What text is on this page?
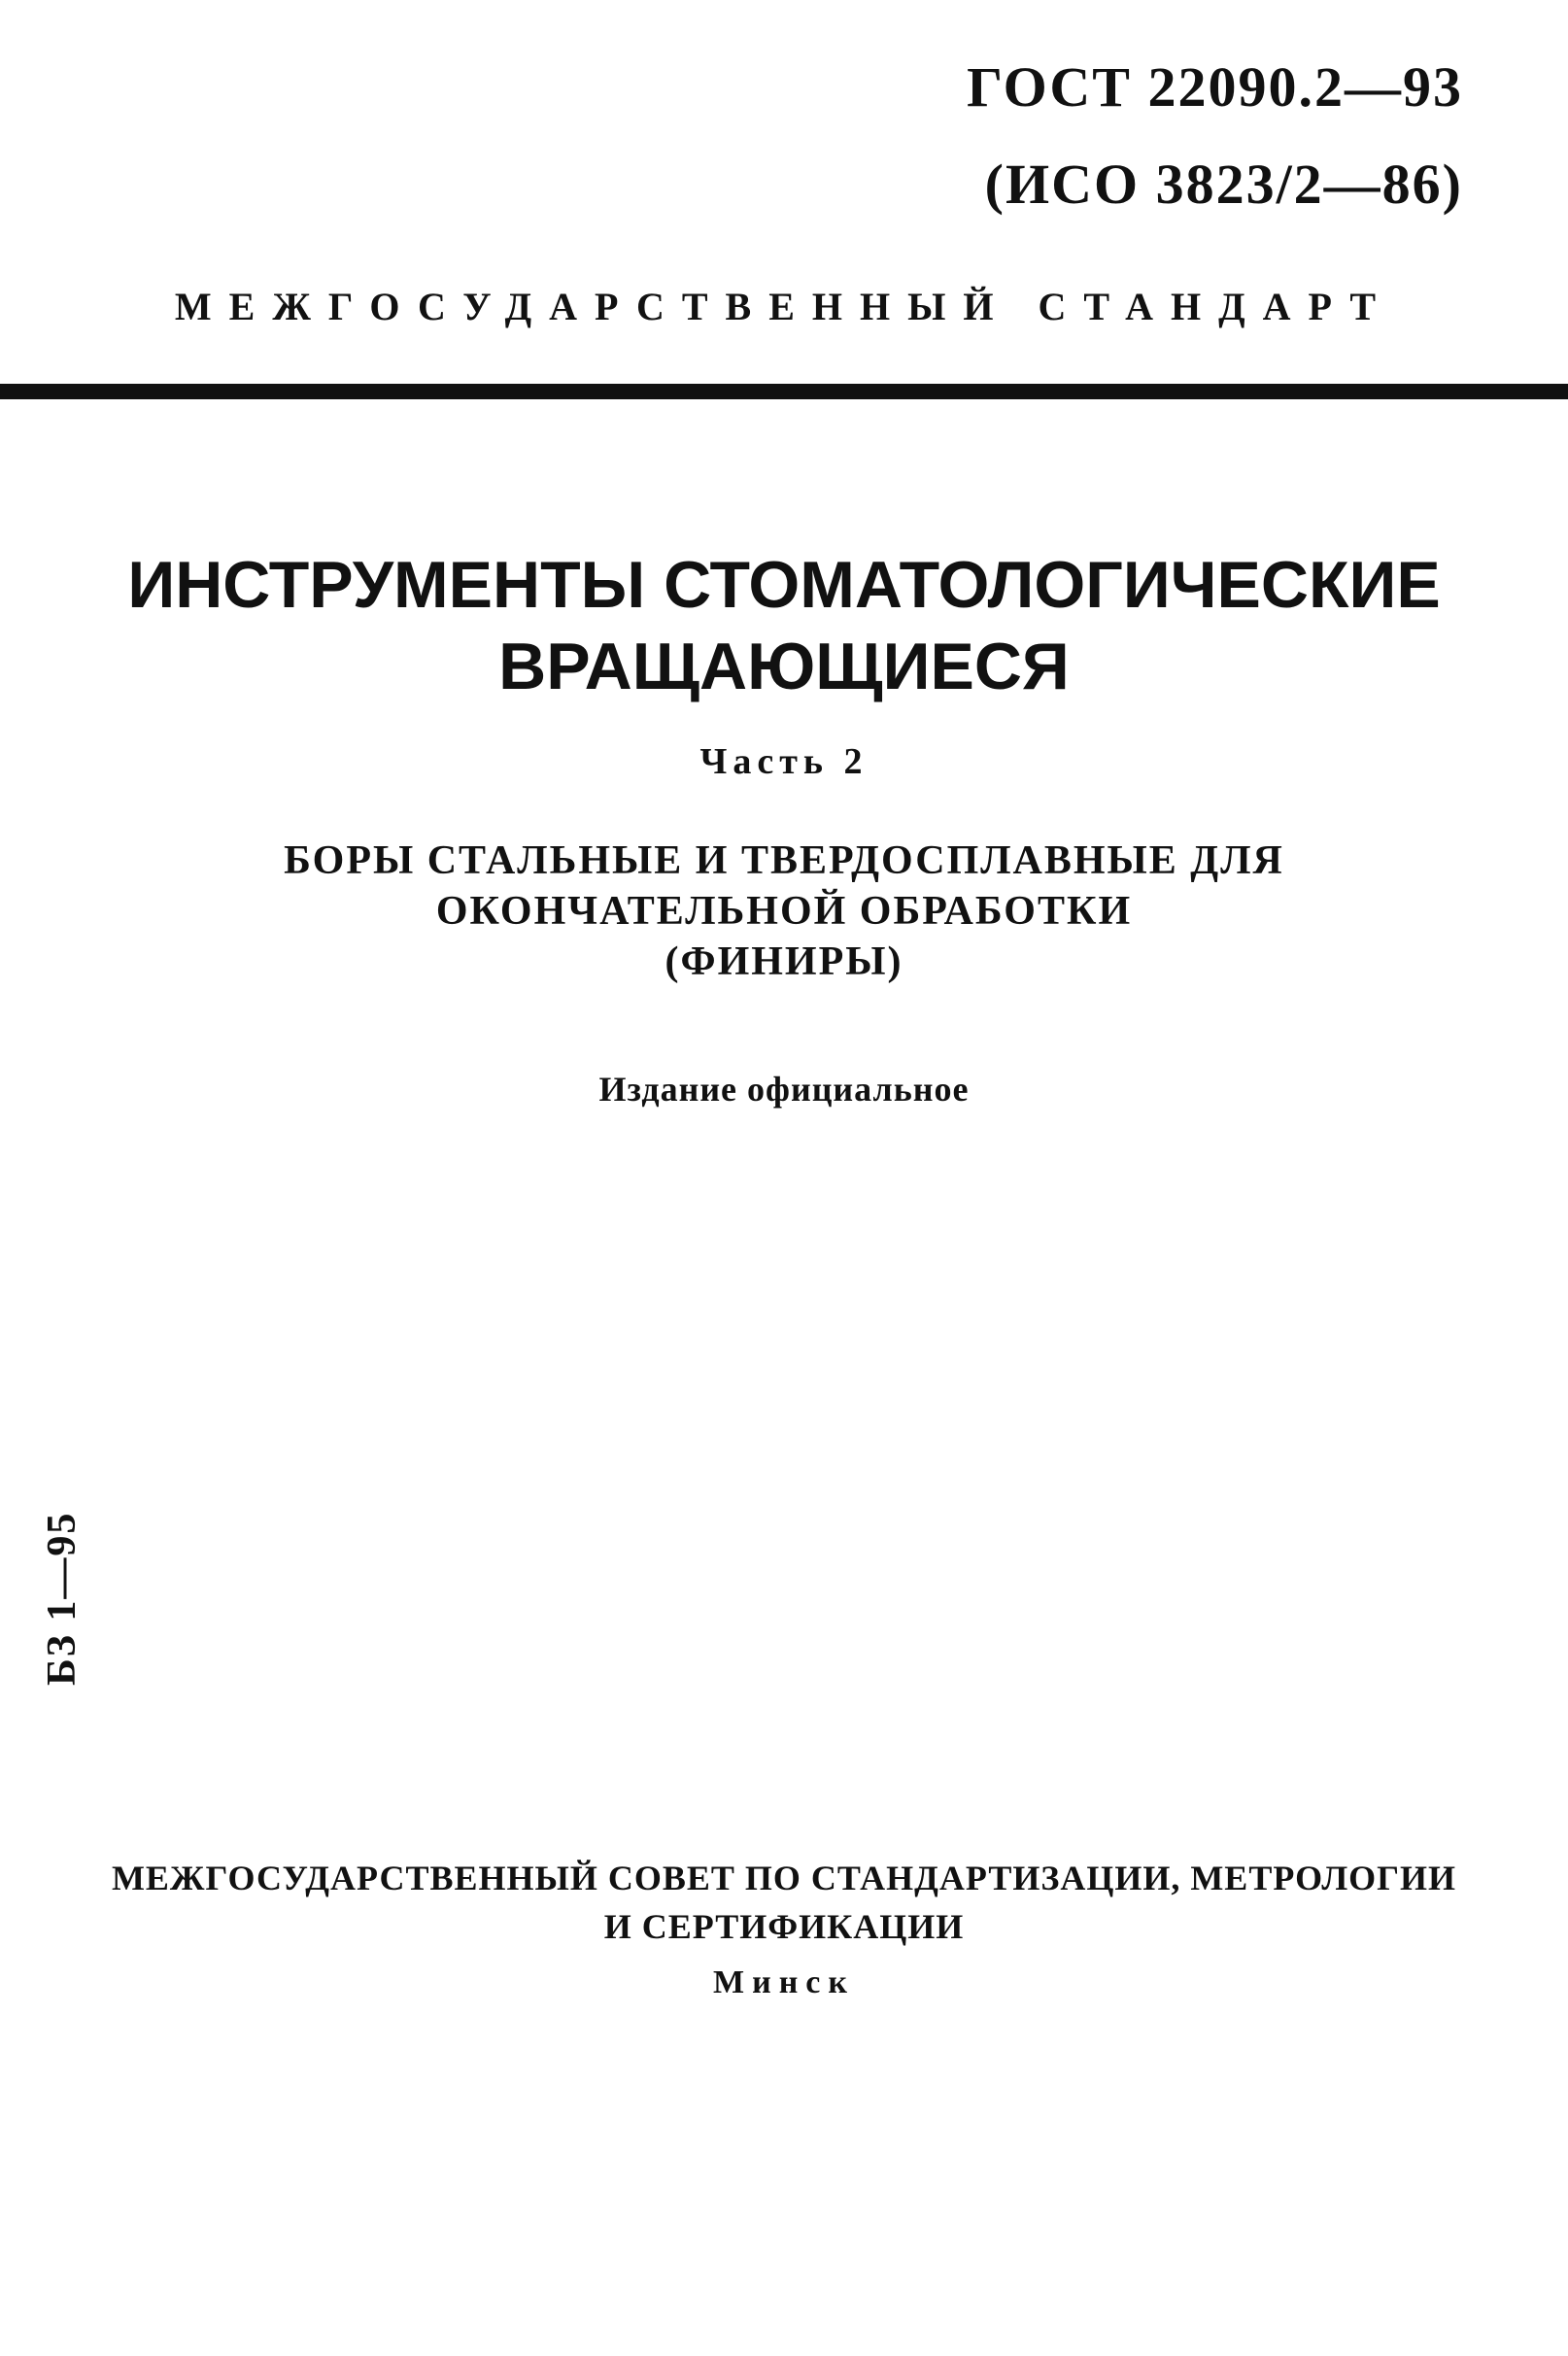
ГОСТ 22090.2—93
(ИСО 3823/2—86)
МЕЖГОСУДАРСТВЕННЫЙ СТАНДАРТ
ИНСТРУМЕНТЫ СТОМАТОЛОГИЧЕСКИЕ
ВРАЩАЮЩИЕСЯ
Часть 2
БОРЫ СТАЛЬНЫЕ И ТВЕРДОСПЛАВНЫЕ ДЛЯ
ОКОНЧАТЕЛЬНОЙ ОБРАБОТКИ
(ФИНИРЫ)
Издание официальное
БЗ 1—95
МЕЖГОСУДАРСТВЕННЫЙ СОВЕТ ПО СТАНДАРТИЗАЦИИ, МЕТРОЛОГИИ
И СЕРТИФИКАЦИИ
Минск
